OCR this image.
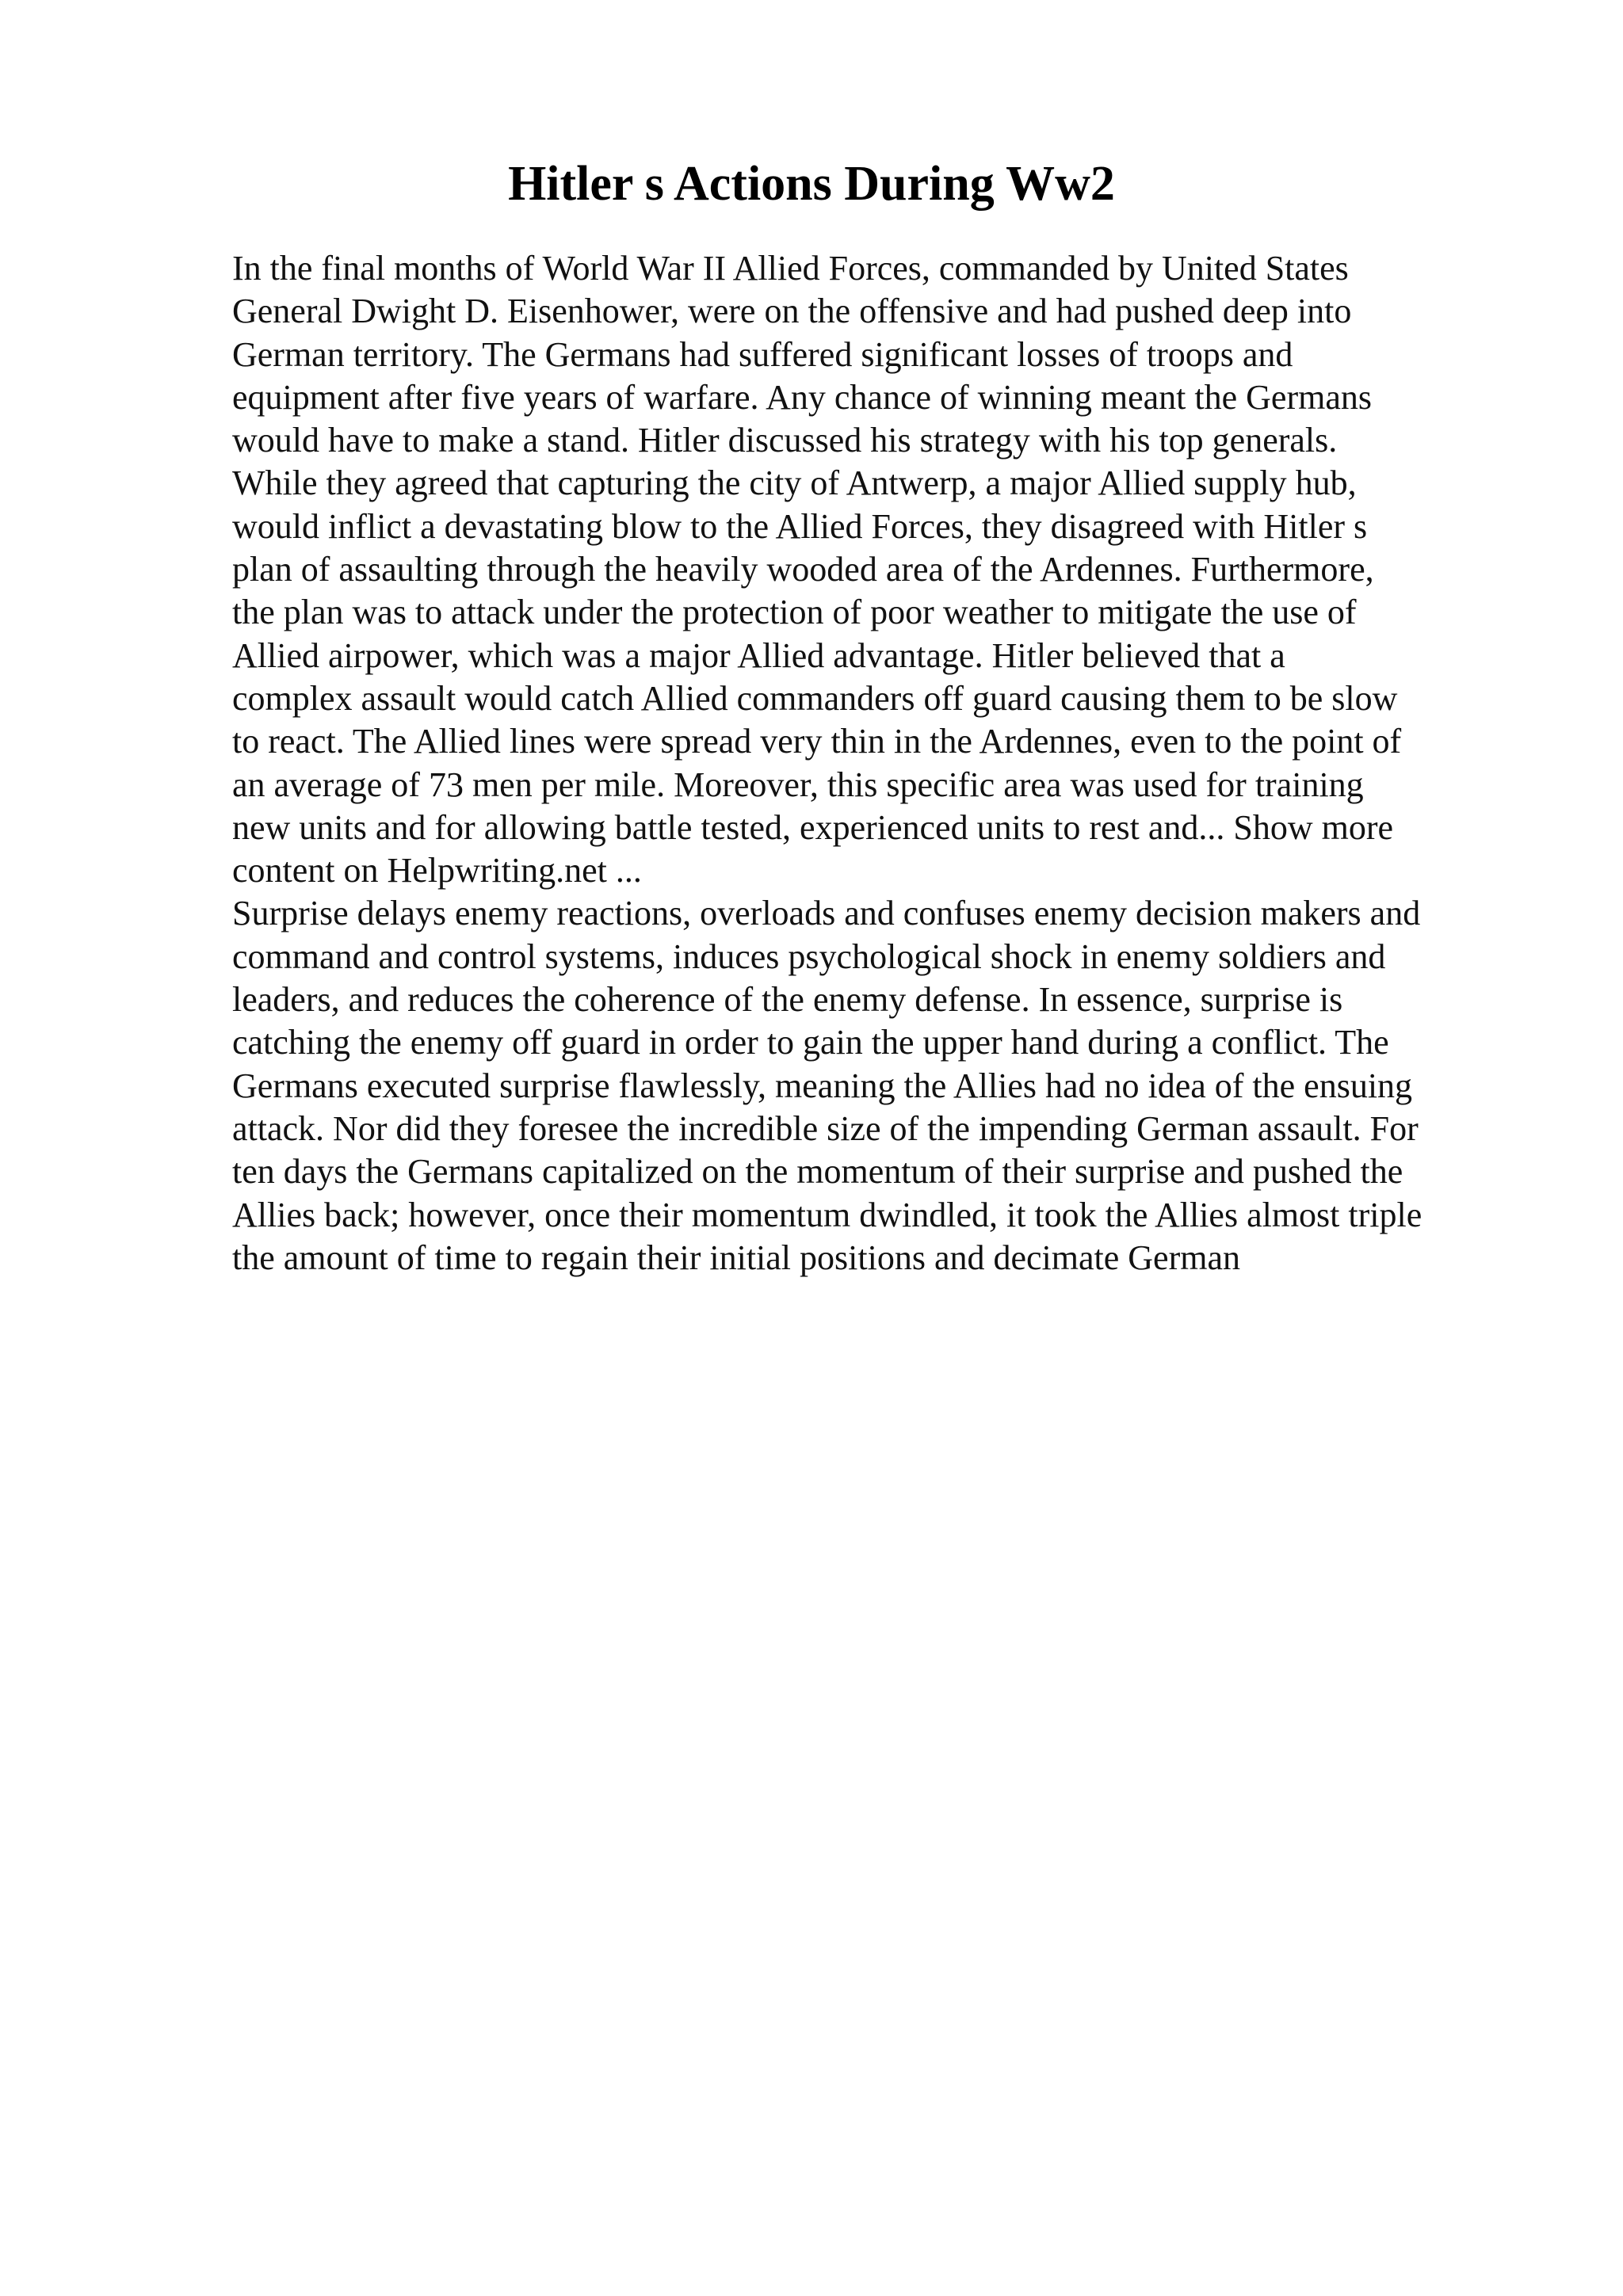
Hitler s Actions During Ww2
In the final months of World War II Allied Forces, commanded by United States
General Dwight D. Eisenhower, were on the offensive and had pushed deep into
German territory. The Germans had suffered significant losses of troops and
equipment after five years of warfare. Any chance of winning meant the Germans
would have to make a stand. Hitler discussed his strategy with his top generals.
While they agreed that capturing the city of Antwerp, a major Allied supply hub,
would inflict a devastating blow to the Allied Forces, they disagreed with Hitler s
plan of assaulting through the heavily wooded area of the Ardennes. Furthermore,
the plan was to attack under the protection of poor weather to mitigate the use of
Allied airpower, which was a major Allied advantage. Hitler believed that a
complex assault would catch Allied commanders off guard causing them to be slow
to react. The Allied lines were spread very thin in the Ardennes, even to the point of
an average of 73 men per mile. Moreover, this specific area was used for training
new units and for allowing battle tested, experienced units to rest and... Show more
content on Helpwriting.net ...
Surprise delays enemy reactions, overloads and confuses enemy decision makers and
command and control systems, induces psychological shock in enemy soldiers and
leaders, and reduces the coherence of the enemy defense. In essence, surprise is
catching the enemy off guard in order to gain the upper hand during a conflict. The
Germans executed surprise flawlessly, meaning the Allies had no idea of the ensuing
attack. Nor did they foresee the incredible size of the impending German assault. For
ten days the Germans capitalized on the momentum of their surprise and pushed the
Allies back; however, once their momentum dwindled, it took the Allies almost triple
the amount of time to regain their initial positions and decimate German
